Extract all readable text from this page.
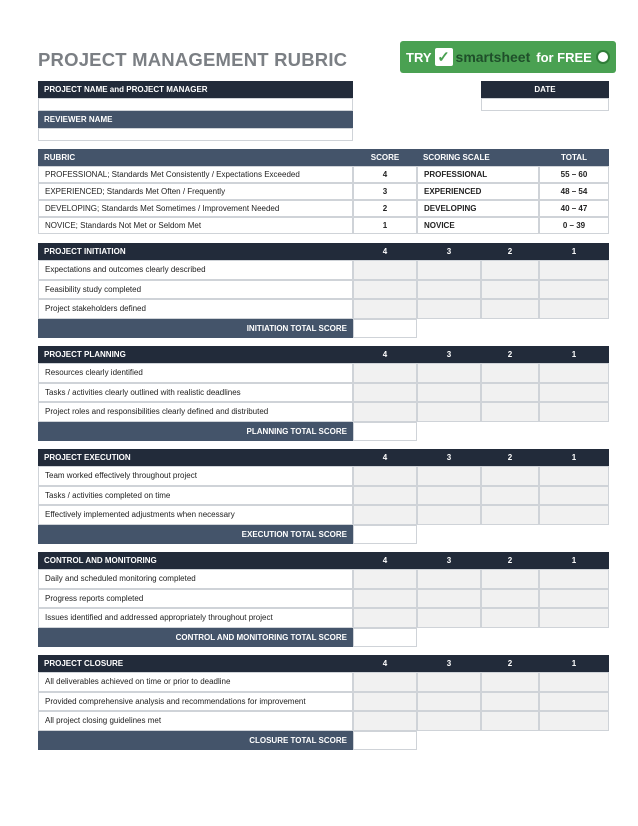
PROJECT MANAGEMENT RUBRIC	TRY ✓ smartsheet for FREE
PROJECT NAME and PROJECT MANAGER	DATE
REVIEWER NAME
RUBRIC	SCORE	SCORING SCALE	TOTAL
PROFESSIONAL; Standards Met Consistently / Expectations Exceeded	4	PROFESSIONAL	55 – 60
EXPERIENCED; Standards Met Often / Frequently	3	EXPERIENCED	48 – 54
DEVELOPING; Standards Met Sometimes / Improvement Needed	2	DEVELOPING	40 – 47
NOVICE; Standards Not Met or Seldom Met	1	NOVICE	0 – 39
PROJECT INITIATION	4	3	2	1
Expectations and outcomes clearly described
Feasibility study completed
Project stakeholders defined
INITIATION TOTAL SCORE
PROJECT PLANNING	4	3	2	1
Resources clearly identified
Tasks / activities clearly outlined with realistic deadlines
Project roles and responsibilities clearly defined and distributed
PLANNING TOTAL SCORE
PROJECT EXECUTION	4	3	2	1
Team worked effectively throughout project
Tasks / activities completed on time
Effectively implemented adjustments when necessary
EXECUTION TOTAL SCORE
CONTROL AND MONITORING	4	3	2	1
Daily and scheduled monitoring completed
Progress reports completed
Issues identified and addressed appropriately throughout project
CONTROL AND MONITORING TOTAL SCORE
PROJECT CLOSURE	4	3	2	1
All deliverables achieved on time or prior to deadline
Provided comprehensive analysis and recommendations for improvement
All project closing guidelines met
CLOSURE TOTAL SCORE
